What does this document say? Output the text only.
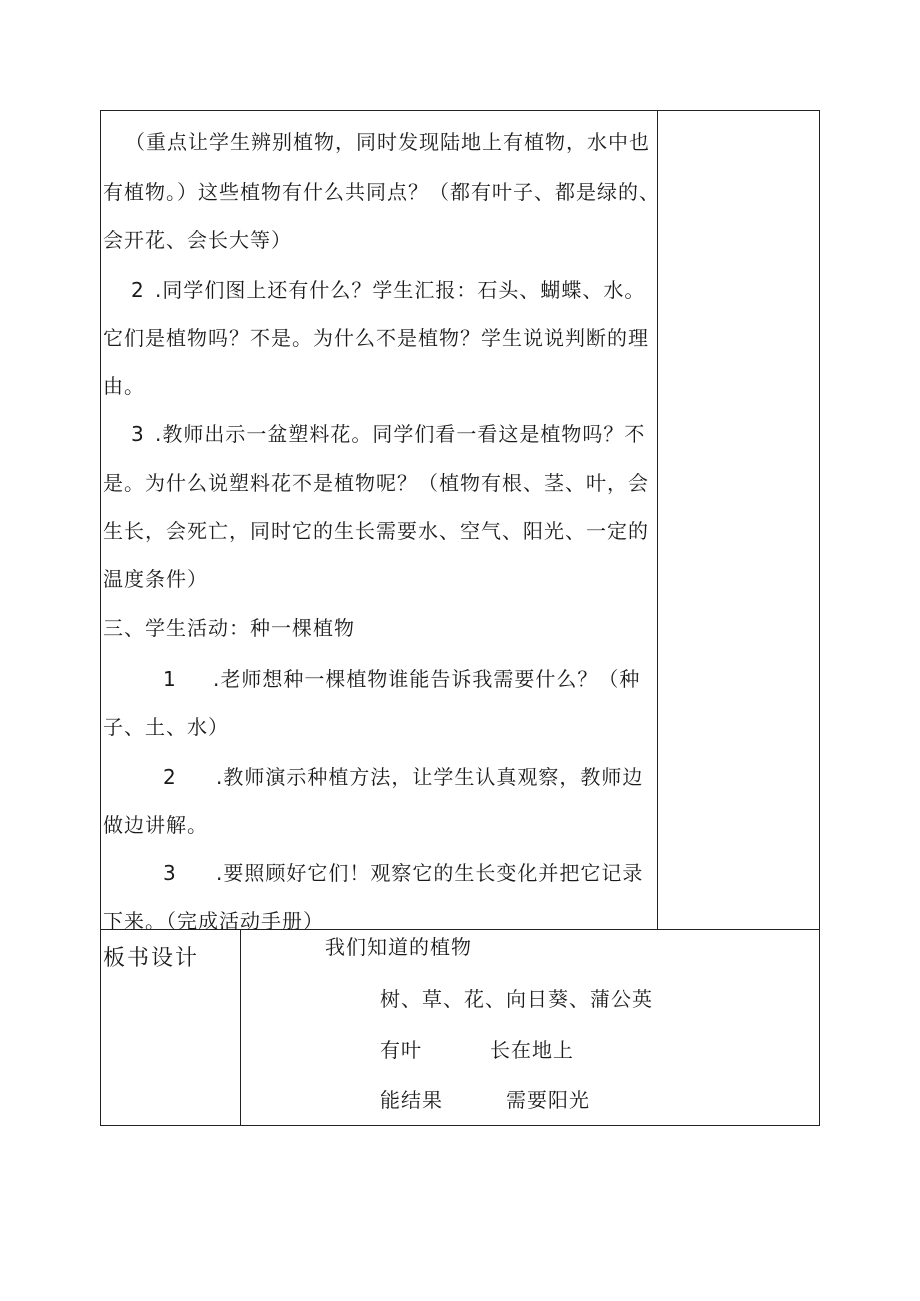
（重点让学生辨别植物，同时发现陆地上有植物，水中也
有植物。）这些植物有什么共同点？（都有叶子、都是绿的、
会开花、会长大等）
2 .同学们图上还有什么？学生汇报：石头、蝴蝶、水。
它们是植物吗？不是。为什么不是植物？学生说说判断的理
由。
3 .教师出示一盆塑料花。同学们看一看这是植物吗？不
是。为什么说塑料花不是植物呢？（植物有根、茎、叶，会
生长，会死亡，同时它的生长需要水、空气、阳光、一定的
温度条件）
三、学生活动：种一棵植物
1 .老师想种一棵植物谁能告诉我需要什么？（种
子、土、水）
2 .教师演示种植方法，让学生认真观察，教师边
做边讲解。
3 .要照顾好它们！观察它的生长变化并把它记录
下来。（完成活动手册）
板书设计	我们知道的植物
树、草、花、向日葵、蒲公英
有叶	长在地上
能结果	需要阳光
